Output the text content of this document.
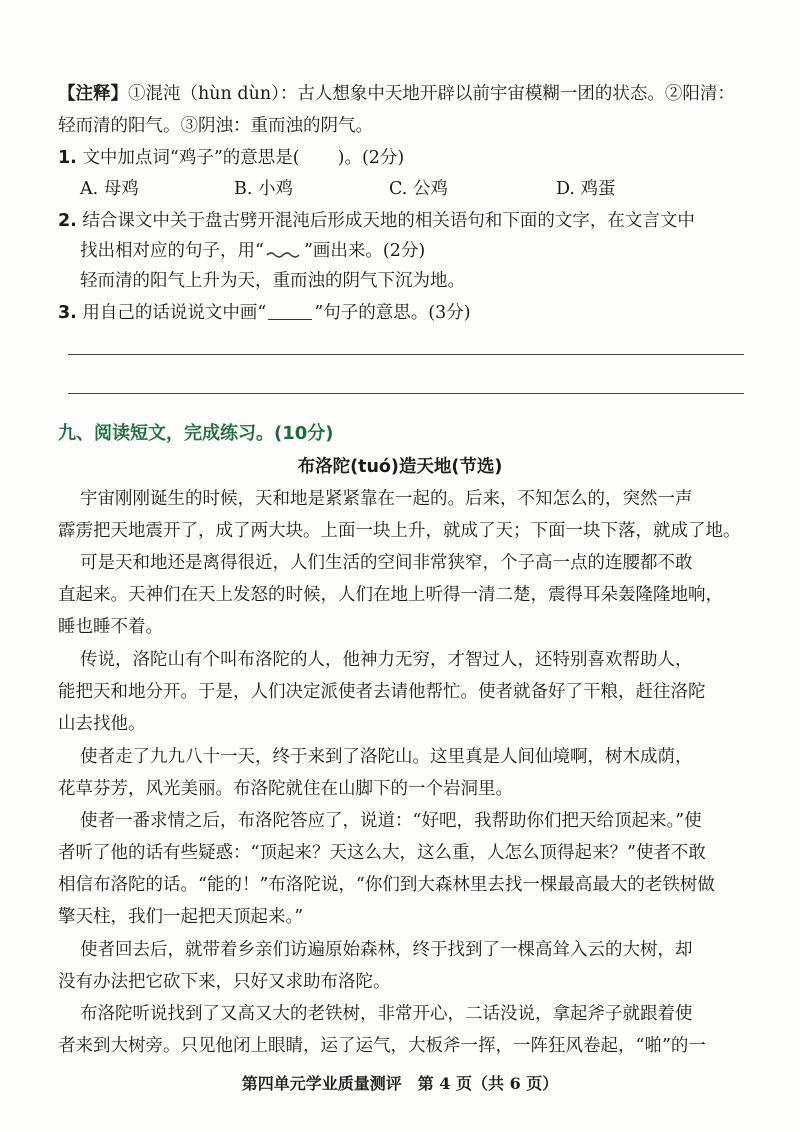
【注释】①混沌（hùn dùn）：古人想象中天地开辟以前宇宙模糊一团的状态。②阳清：
轻而清的阳气。③阴浊：重而浊的阴气。
1. 文中加点词“鸡子”的意思是( )。(2分)
A. 母鸡	B. 小鸡	C. 公鸡	D. 鸡蛋
2. 结合课文中关于盘古劈开混沌后形成天地的相关语句和下面的文字，在文言文中
找出相对应的句子，用“ ”画出来。(2分)
轻而清的阳气上升为天，重而浊的阴气下沉为地。
3. 用自己的话说说文中画“	”句子的意思。(3分)
九、阅读短文，完成练习。(10分)
布洛陀(tuó)造天地(节选)
宇宙刚刚诞生的时候，天和地是紧紧靠在一起的。后来，不知怎么的，突然一声
霹雳把天地震开了，成了两大块。上面一块上升，就成了天；下面一块下落，就成了地。
可是天和地还是离得很近，人们生活的空间非常狭窄，个子高一点的连腰都不敢
直起来。天神们在天上发怒的时候，人们在地上听得一清二楚，震得耳朵轰隆隆地响，
睡也睡不着。
传说，洛陀山有个叫布洛陀的人，他神力无穷，才智过人，还特别喜欢帮助人，
能把天和地分开。于是，人们决定派使者去请他帮忙。使者就备好了干粮，赶往洛陀
山去找他。
使者走了九九八十一天，终于来到了洛陀山。这里真是人间仙境啊，树木成荫，
花草芬芳，风光美丽。布洛陀就住在山脚下的一个岩洞里。
使者一番求情之后，布洛陀答应了，说道：“好吧，我帮助你们把天给顶起来。”使
者听了他的话有些疑惑：“顶起来？天这么大，这么重，人怎么顶得起来？”使者不敢
相信布洛陀的话。“能的！”布洛陀说，“你们到大森林里去找一棵最高最大的老铁树做
擎天柱，我们一起把天顶起来。”
使者回去后，就带着乡亲们访遍原始森林，终于找到了一棵高耸入云的大树，却
没有办法把它砍下来，只好又求助布洛陀。
布洛陀听说找到了又高又大的老铁树，非常开心，二话没说，拿起斧子就跟着使
者来到大树旁。只见他闭上眼睛，运了运气，大板斧一挥，一阵狂风卷起，“啪”的一
第四单元学业质量测评　第 4 页（共 6 页）
